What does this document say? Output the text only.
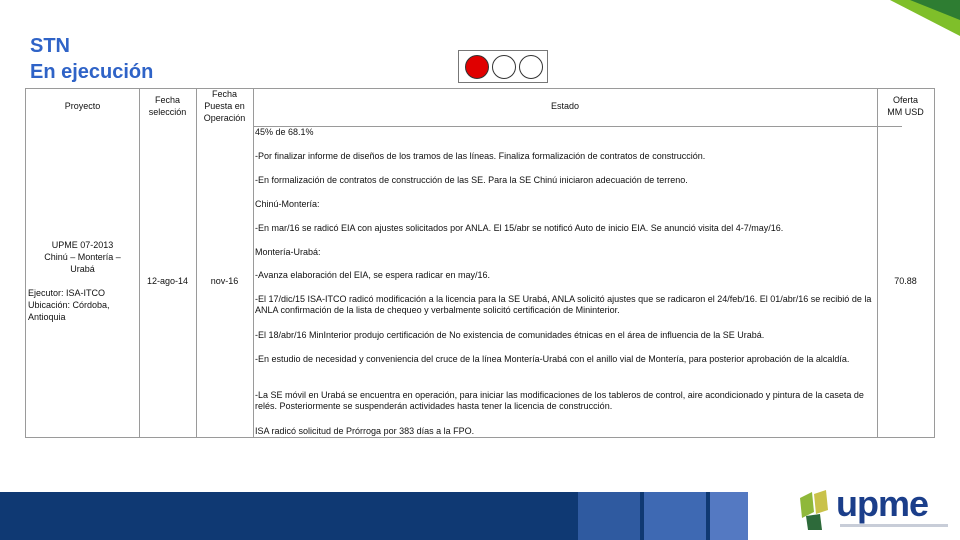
STN
En ejecución
Proyecto
Fecha
selección
Fecha
Puesta en
Operación
Estado
Oferta
MM USD
UPME 07-2013
Chinú – Montería –
Urabá
Ejecutor: ISA-ITCO
Ubicación: Córdoba,
Antioquia
12-ago-14	nov-16	70.88

45% de 68.1%

-Por finalizar informe de diseños de los tramos de las líneas. Finaliza formalización de contratos de construcción.

-En formalización de contratos de construcción de las SE. Para la SE Chinú iniciaron adecuación de terreno.

Chinú-Montería:

-En mar/16 se radicó EIA con ajustes solicitados por ANLA. El 15/abr se notificó Auto de inicio EIA. Se anunció visita del 4-7/may/16.

Montería-Urabá:

-Avanza elaboración del EIA, se espera radicar en may/16.

-El 17/dic/15 ISA-ITCO radicó modificación a la licencia para la SE Urabá, ANLA solicitó ajustes que se radicaron el 24/feb/16. El 01/abr/16 se recibió de la ANLA confirmación de la lista de chequeo y verbalmente solicitó certificación de Mininterior.

-El 18/abr/16 MinInterior produjo certificación de No existencia de comunidades étnicas en el área de influencia de la SE Urabá.

-En estudio de necesidad y conveniencia del cruce de la línea Montería-Urabá con el anillo vial de Montería, para posterior aprobación de la alcaldía.

-La SE móvil en Urabá se encuentra en operación, para iniciar las modificaciones de los tableros de control, aire acondicionado y pintura de la caseta de relés. Posteriormente se suspenderán actividades hasta tener la licencia de construcción.

ISA radicó solicitud de Prórroga por 383 días a la FPO.

upme
